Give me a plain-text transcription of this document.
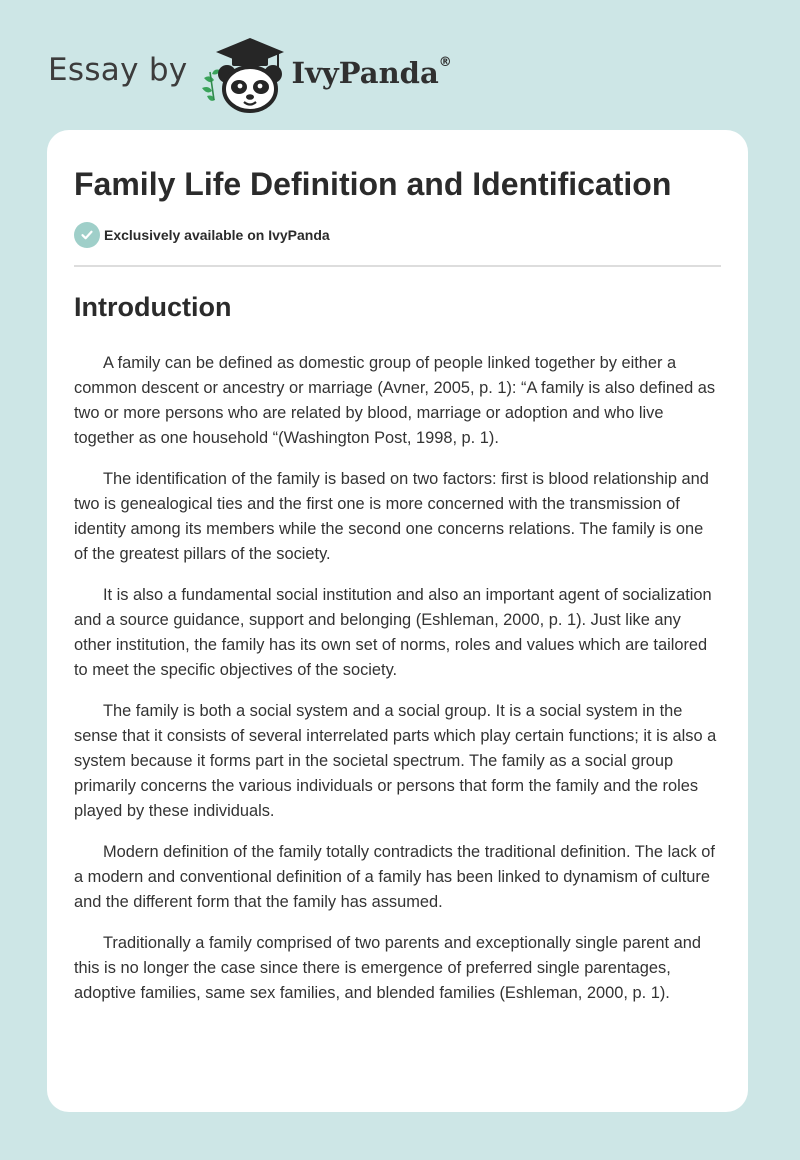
Essay by	IvyPanda®
Family Life Definition and Identification
Exclusively available on IvyPanda
Introduction

A family can be defined as domestic group of people linked together by either a common descent or ancestry or marriage (Avner, 2005, p. 1): “A family is also defined as two or more persons who are related by blood, marriage or adoption and who live together as one household “(Washington Post, 1998, p. 1).

The identification of the family is based on two factors: first is blood relationship and two is genealogical ties and the first one is more concerned with the transmission of identity among its members while the second one concerns relations. The family is one of the greatest pillars of the society.

It is also a fundamental social institution and also an important agent of socialization and a source guidance, support and belonging (Eshleman, 2000, p. 1). Just like any other institution, the family has its own set of norms, roles and values which are tailored to meet the specific objectives of the society.

The family is both a social system and a social group. It is a social system in the sense that it consists of several interrelated parts which play certain functions; it is also a system because it forms part in the societal spectrum. The family as a social group primarily concerns the various individuals or persons that form the family and the roles played by these individuals.

Modern definition of the family totally contradicts the traditional definition. The lack of a modern and conventional definition of a family has been linked to dynamism of culture and the different form that the family has assumed.

Traditionally a family comprised of two parents and exceptionally single parent and this is no longer the case since there is emergence of preferred single parentages, adoptive families, same sex families, and blended families (Eshleman, 2000, p. 1).
